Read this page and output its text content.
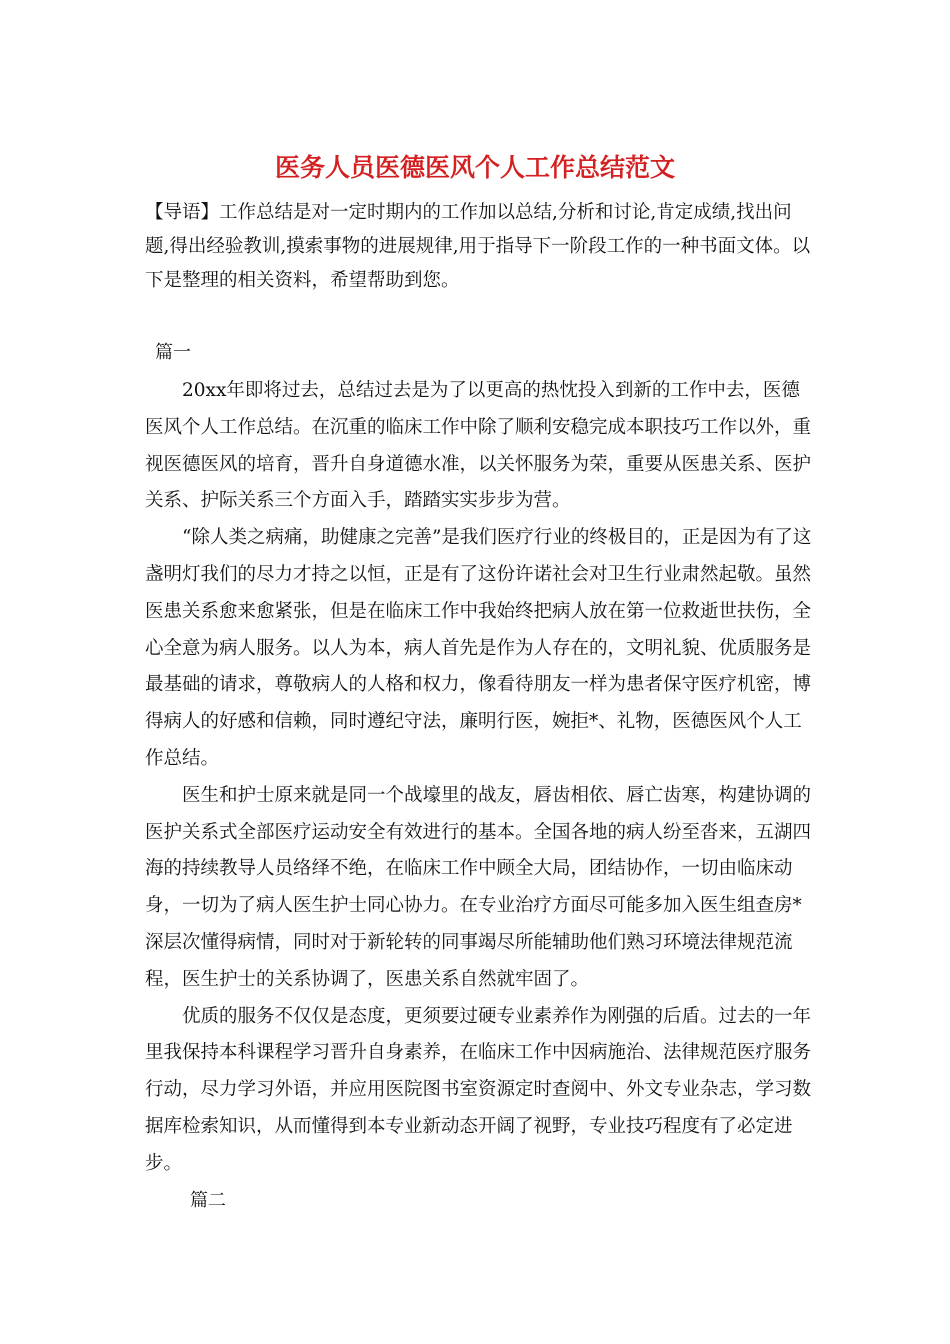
医务人员医德医风个人工作总结范文

【导语】工作总结是对一定时期内的工作加以总结,分析和讨论,肯定成绩,找出问题,得出经验教训,摸索事物的进展规律,用于指导下一阶段工作的一种书面文体。以下是整理的相关资料，希望帮助到您。

篇一

20xx年即将过去，总结过去是为了以更高的热忱投入到新的工作中去，医德医风个人工作总结。在沉重的临床工作中除了顺利安稳完成本职技巧工作以外，重视医德医风的培育，晋升自身道德水准，以关怀服务为荣，重要从医患关系、医护关系、护际关系三个方面入手，踏踏实实步步为营。

“除人类之病痛，助健康之完善”是我们医疗行业的终极目的，正是因为有了这盏明灯我们的尽力才持之以恒，正是有了这份许诺社会对卫生行业肃然起敬。虽然医患关系愈来愈紧张，但是在临床工作中我始终把病人放在第一位救逝世扶伤，全心全意为病人服务。以人为本，病人首先是作为人存在的，文明礼貌、优质服务是最基础的请求，尊敬病人的人格和权力，像看待朋友一样为患者保守医疗机密，博得病人的好感和信赖，同时遵纪守法，廉明行医，婉拒*、礼物，医德医风个人工作总结。

医生和护士原来就是同一个战壕里的战友，唇齿相依、唇亡齿寒，构建协调的医护关系式全部医疗运动安全有效进行的基本。全国各地的病人纷至沓来，五湖四海的持续教导人员络绎不绝，在临床工作中顾全大局，团结协作，一切由临床动身，一切为了病人医生护士同心协力。在专业治疗方面尽可能多加入医生组查房*深层次懂得病情，同时对于新轮转的同事竭尽所能辅助他们熟习环境法律规范流程，医生护士的关系协调了，医患关系自然就牢固了。

优质的服务不仅仅是态度，更须要过硬专业素养作为刚强的后盾。过去的一年里我保持本科课程学习晋升自身素养，在临床工作中因病施治、法律规范医疗服务行动，尽力学习外语，并应用医院图书室资源定时查阅中、外文专业杂志，学习数据库检索知识，从而懂得到本专业新动态开阔了视野，专业技巧程度有了必定进步。

篇二
